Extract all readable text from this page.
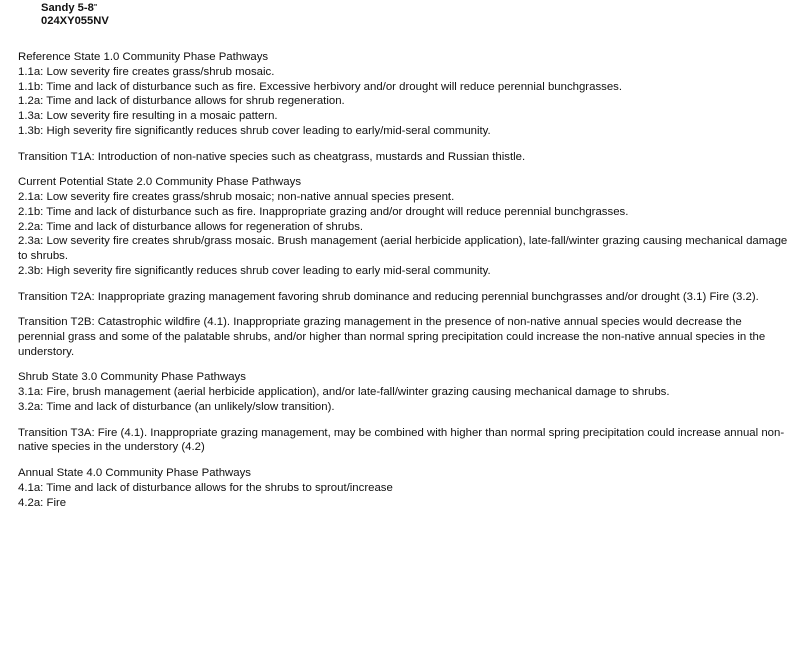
Sandy 5-8"
024XY055NV
Reference State 1.0 Community Phase Pathways
1.1a: Low severity fire creates grass/shrub mosaic.
1.1b: Time and lack of disturbance such as fire. Excessive herbivory and/or drought will reduce perennial bunchgrasses.
1.2a: Time and lack of disturbance allows for shrub regeneration.
1.3a: Low severity fire resulting in a mosaic pattern.
1.3b: High severity fire significantly reduces shrub cover leading to early/mid-seral community.
Transition T1A: Introduction of non-native species such as cheatgrass, mustards and Russian thistle.
Current Potential State 2.0 Community Phase Pathways
2.1a: Low severity fire creates grass/shrub mosaic; non-native annual species present.
2.1b: Time and lack of disturbance such as fire. Inappropriate grazing and/or drought will reduce perennial bunchgrasses.
2.2a: Time and lack of disturbance allows for regeneration of shrubs.
2.3a: Low severity fire creates shrub/grass mosaic. Brush management (aerial herbicide application), late-fall/winter grazing causing mechanical damage to shrubs.
2.3b: High severity fire significantly reduces shrub cover leading to early mid-seral community.
Transition T2A: Inappropriate grazing management favoring shrub dominance and reducing perennial bunchgrasses and/or drought (3.1) Fire (3.2).
Transition T2B: Catastrophic wildfire (4.1). Inappropriate grazing management in the presence of non-native annual species would decrease the perennial grass and some of the palatable shrubs, and/or higher than normal spring precipitation could increase the non-native annual species in the understory.
Shrub State 3.0 Community Phase Pathways
3.1a: Fire, brush management (aerial herbicide application), and/or late-fall/winter grazing causing mechanical damage to shrubs.
3.2a: Time and lack of disturbance (an unlikely/slow transition).
Transition T3A: Fire (4.1). Inappropriate grazing management, may be combined with higher than normal spring precipitation could increase annual non-native species in the understory (4.2)
Annual State 4.0 Community Phase Pathways
4.1a: Time and lack of disturbance allows for the shrubs to sprout/increase
4.2a: Fire
